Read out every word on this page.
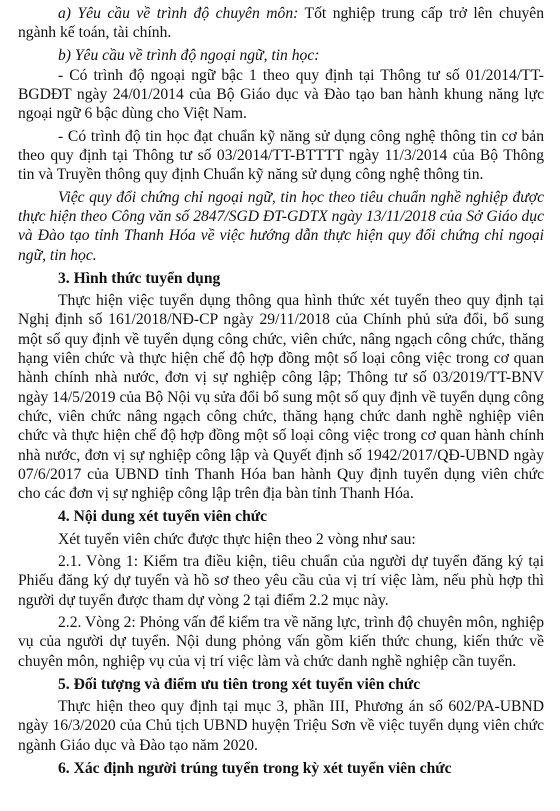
a) Yêu cầu về trình độ chuyên môn: Tốt nghiệp trung cấp trở lên chuyên ngành kế toán, tài chính.

b) Yêu cầu về trình độ ngoại ngữ, tin học:

- Có trình độ ngoại ngữ bậc 1 theo quy định tại Thông tư số 01/2014/TT-BGDĐT ngày 24/01/2014 của Bộ Giáo dục và Đào tạo ban hành khung năng lực ngoại ngữ 6 bậc dùng cho Việt Nam.

- Có trình độ tin học đạt chuẩn kỹ năng sử dụng công nghệ thông tin cơ bản theo quy định tại Thông tư số 03/2014/TT-BTTTT ngày 11/3/2014 của Bộ Thông tin và Truyền thông quy định Chuẩn kỹ năng sử dụng công nghệ thông tin.

Việc quy đổi chứng chỉ ngoại ngữ, tin học theo tiêu chuẩn nghề nghiệp được thực hiện theo Công văn số 2847/SGD ĐT-GDTX ngày 13/11/2018 của Sở Giáo dục và Đào tạo tỉnh Thanh Hóa về việc hướng dẫn thực hiện quy đổi chứng chỉ ngoại ngữ, tin học.

3. Hình thức tuyển dụng

Thực hiện việc tuyển dụng thông qua hình thức xét tuyển theo quy định tại Nghị định số 161/2018/NĐ-CP ngày 29/11/2018 của Chính phủ sửa đổi, bổ sung một số quy định về tuyển dụng công chức, viên chức, nâng ngạch công chức, thăng hạng viên chức và thực hiện chế độ hợp đồng một số loại công việc trong cơ quan hành chính nhà nước, đơn vị sự nghiệp công lập; Thông tư số 03/2019/TT-BNV ngày 14/5/2019 của Bộ Nội vụ sửa đổi bổ sung một số quy định về tuyển dụng công chức, viên chức nâng ngạch công chức, thăng hạng chức danh nghề nghiệp viên chức và thực hiện chế độ hợp đồng một số loại công việc trong cơ quan hành chính nhà nước, đơn vị sự nghiệp công lập và Quyết định số 1942/2017/QĐ-UBND ngày 07/6/2017 của UBND tỉnh Thanh Hóa ban hành Quy định tuyển dụng viên chức cho các đơn vị sự nghiệp công lập trên địa bàn tỉnh Thanh Hóa.

4. Nội dung xét tuyển viên chức

Xét tuyển viên chức được thực hiện theo 2 vòng như sau:

2.1. Vòng 1: Kiểm tra điều kiện, tiêu chuẩn của người dự tuyển đăng ký tại Phiếu đăng ký dự tuyển và hồ sơ theo yêu cầu của vị trí việc làm, nếu phù hợp thì người dự tuyển được tham dự vòng 2 tại điểm 2.2 mục này.

2.2. Vòng 2: Phỏng vấn để kiểm tra về năng lực, trình độ chuyên môn, nghiệp vụ của người dự tuyển. Nội dung phỏng vấn gồm kiến thức chung, kiến thức về chuyên môn, nghiệp vụ của vị trí việc làm và chức danh nghề nghiệp cần tuyển.

5. Đối tượng và điểm ưu tiên trong xét tuyển viên chức

Thực hiện theo quy định tại mục 3, phần III, Phương án số 602/PA-UBND ngày 16/3/2020 của Chủ tịch UBND huyện Triệu Sơn về việc tuyển dụng viên chức ngành Giáo dục và Đào tạo năm 2020.

6. Xác định người trúng tuyển trong kỳ xét tuyển viên chức
